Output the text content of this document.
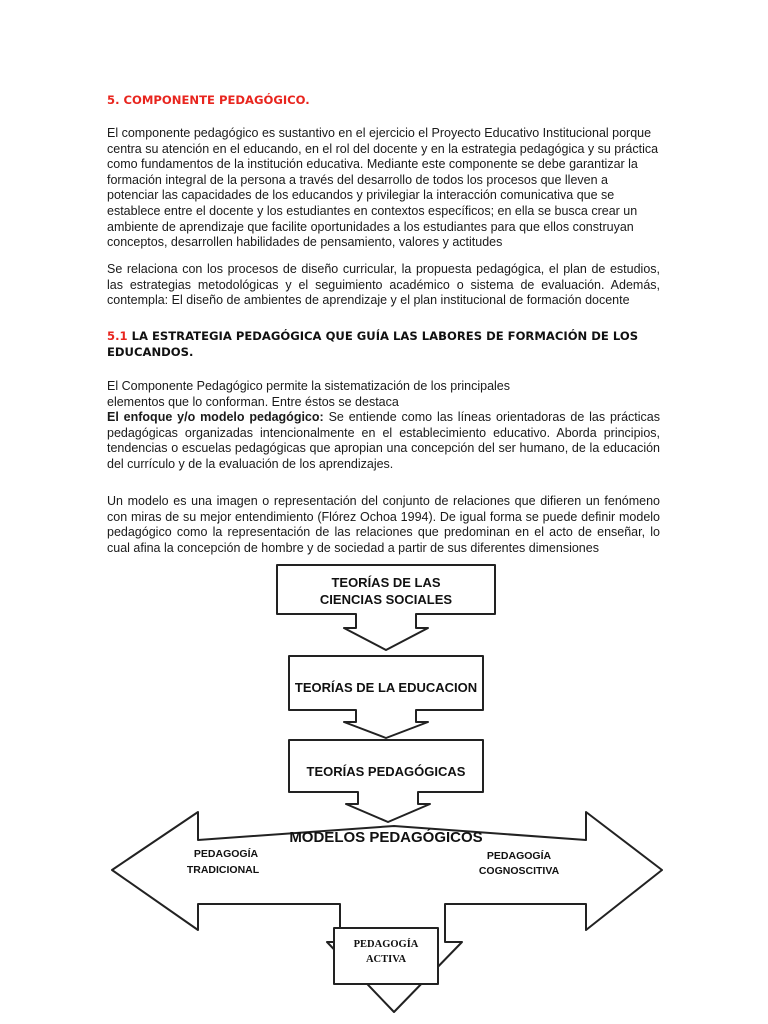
5. COMPONENTE PEDAGÓGICO.
El componente pedagógico es sustantivo en el ejercicio el Proyecto Educativo Institucional porque centra su atención en el educando, en el rol del docente y en la estrategia pedagógica y su práctica como fundamentos de la institución educativa. Mediante este componente se debe garantizar la formación integral de la persona a través del desarrollo de todos los procesos que lleven a potenciar las capacidades de los educandos y privilegiar la interacción comunicativa que se establece entre el docente y los estudiantes en contextos específicos; en ella se busca crear un ambiente de aprendizaje que facilite oportunidades a los estudiantes para que ellos construyan conceptos, desarrollen habilidades de pensamiento, valores y actitudes
Se relaciona con los procesos de diseño curricular, la propuesta pedagógica, el plan de estudios, las estrategias metodológicas y el seguimiento académico o sistema de evaluación. Además, contempla: El diseño de ambientes de aprendizaje y el plan institucional de formación docente
5.1 LA ESTRATEGIA PEDAGÓGICA QUE GUÍA LAS LABORES DE FORMACIÓN DE LOS EDUCANDOS.
El Componente Pedagógico permite la sistematización de los principales elementos que lo conforman. Entre éstos se destaca
El enfoque y/o modelo pedagógico: Se entiende como las líneas orientadoras de las prácticas pedagógicas organizadas intencionalmente en el establecimiento educativo. Aborda principios, tendencias o escuelas pedagógicas que apropian una concepción del ser humano, de la educación del currículo y de la evaluación de los aprendizajes.
Un modelo es una imagen o representación del conjunto de relaciones que difieren un fenómeno con miras de su mejor entendimiento (Flórez Ochoa 1994). De igual forma se puede definir modelo pedagógico como la representación de las relaciones que predominan en el acto de enseñar, lo cual afina la concepción de hombre y de sociedad a partir de sus diferentes dimensiones
TEORÍAS DE LAS
CIENCIAS SOCIALES
TEORÍAS DE LA EDUCACION
TEORÍAS PEDAGÓGICAS
MODELOS PEDAGÓGICOS
PEDAGOGÍA
TRADICIONAL
PEDAGOGÍA
COGNOSCITIVA
PEDAGOGÍA
ACTIVA
